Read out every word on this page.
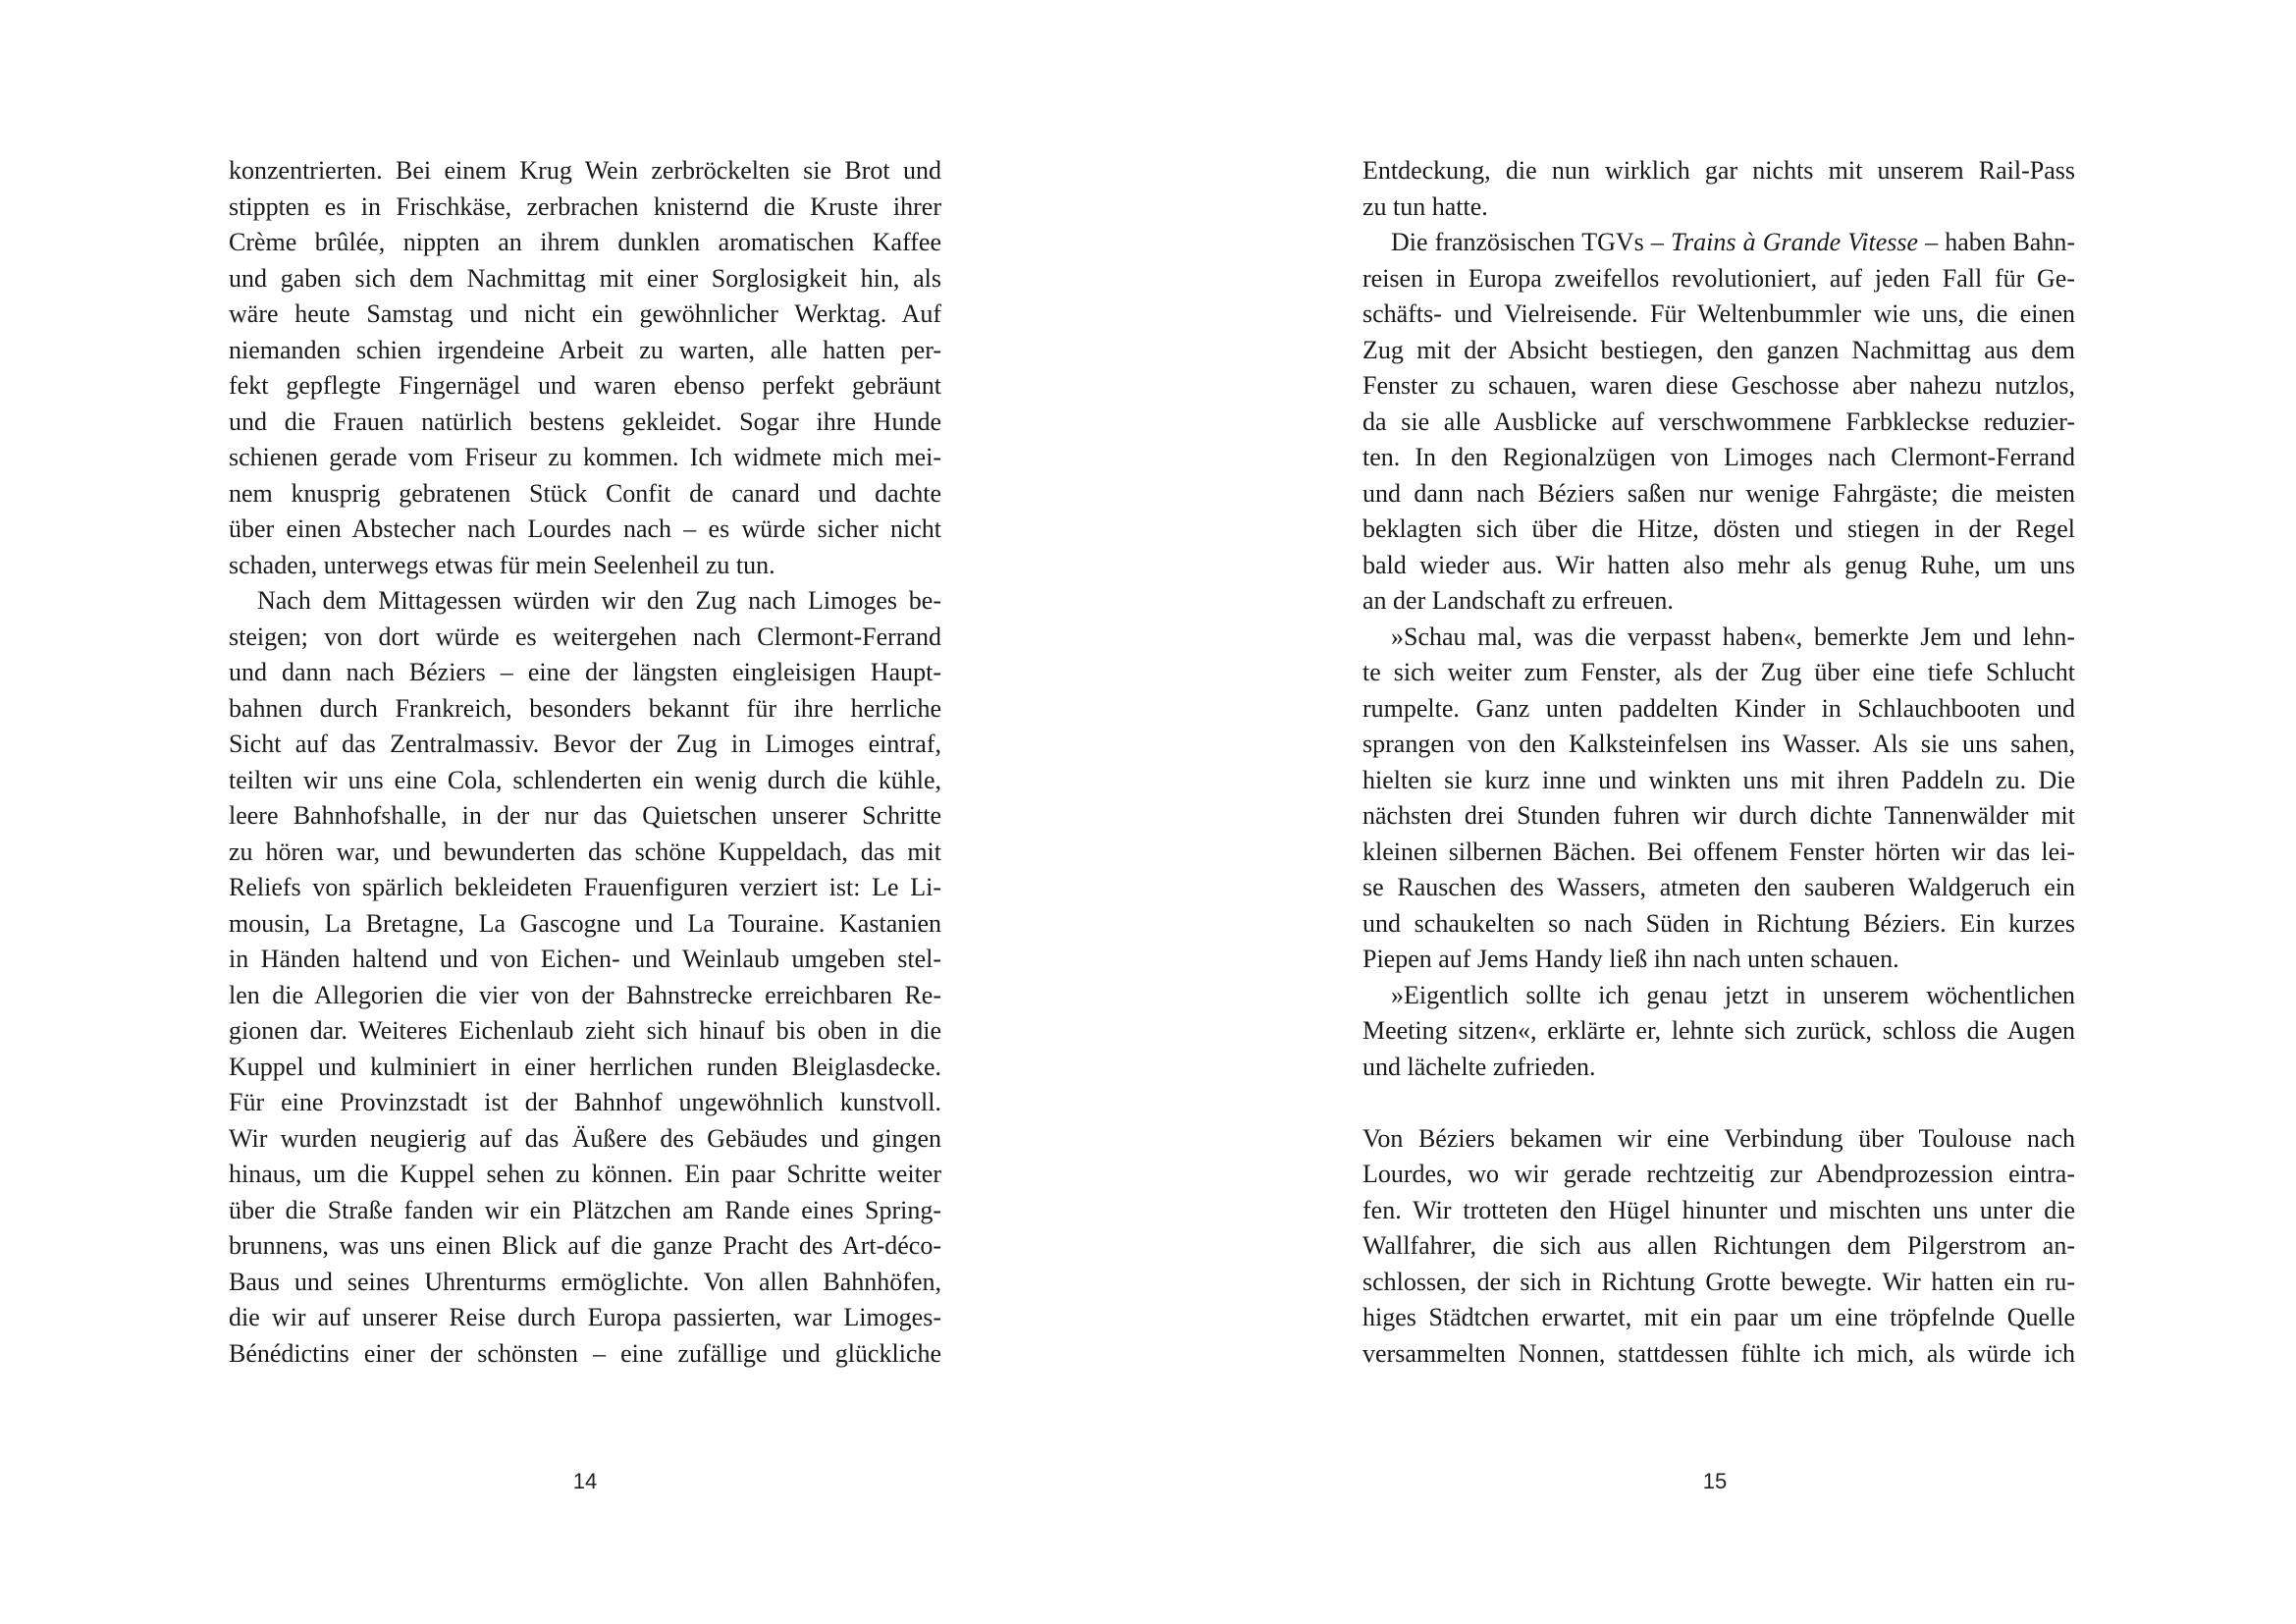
konzentrierten. Bei einem Krug Wein zerbröckelten sie Brot und
stippten es in Frischkäse, zerbrachen knisternd die Kruste ihrer
Crème brûlée, nippten an ihrem dunklen aromatischen Kaffee
und gaben sich dem Nachmittag mit einer Sorglosigkeit hin, als
wäre heute Samstag und nicht ein gewöhnlicher Werktag. Auf
niemanden schien irgendeine Arbeit zu warten, alle hatten per-
fekt gepflegte Fingernägel und waren ebenso perfekt gebräunt
und die Frauen natürlich bestens gekleidet. Sogar ihre Hunde
schienen gerade vom Friseur zu kommen. Ich widmete mich mei-
nem knusprig gebratenen Stück Confit de canard und dachte
über einen Abstecher nach Lourdes nach – es würde sicher nicht
schaden, unterwegs etwas für mein Seelenheil zu tun.
Nach dem Mittagessen würden wir den Zug nach Limoges be-
steigen; von dort würde es weitergehen nach Clermont-Ferrand
und dann nach Béziers – eine der längsten eingleisigen Haupt-
bahnen durch Frankreich, besonders bekannt für ihre herrliche
Sicht auf das Zentralmassiv. Bevor der Zug in Limoges eintraf,
teilten wir uns eine Cola, schlenderten ein wenig durch die kühle,
leere Bahnhofshalle, in der nur das Quietschen unserer Schritte
zu hören war, und bewunderten das schöne Kuppeldach, das mit
Reliefs von spärlich bekleideten Frauenfiguren verziert ist: Le Li-
mousin, La Bretagne, La Gascogne und La Touraine. Kastanien
in Händen haltend und von Eichen- und Weinlaub umgeben stel-
len die Allegorien die vier von der Bahnstrecke erreichbaren Re-
gionen dar. Weiteres Eichenlaub zieht sich hinauf bis oben in die
Kuppel und kulminiert in einer herrlichen runden Bleiglasdecke.
Für eine Provinzstadt ist der Bahnhof ungewöhnlich kunstvoll.
Wir wurden neugierig auf das Äußere des Gebäudes und gingen
hinaus, um die Kuppel sehen zu können. Ein paar Schritte weiter
über die Straße fanden wir ein Plätzchen am Rande eines Spring-
brunnens, was uns einen Blick auf die ganze Pracht des Art-déco-
Baus und seines Uhrenturms ermöglichte. Von allen Bahnhöfen,
die wir auf unserer Reise durch Europa passierten, war Limoges-
Bénédictins einer der schönsten – eine zufällige und glückliche
14
Entdeckung, die nun wirklich gar nichts mit unserem Rail-Pass
zu tun hatte.
Die französischen TGVs – Trains à Grande Vitesse – haben Bahn-
reisen in Europa zweifellos revolutioniert, auf jeden Fall für Ge-
schäfts- und Vielreisende. Für Weltenbummler wie uns, die einen
Zug mit der Absicht bestiegen, den ganzen Nachmittag aus dem
Fenster zu schauen, waren diese Geschosse aber nahezu nutzlos,
da sie alle Ausblicke auf verschwommene Farbkleckse reduzier-
ten. In den Regionalzügen von Limoges nach Clermont-Ferrand
und dann nach Béziers saßen nur wenige Fahrgäste; die meisten
beklagten sich über die Hitze, dösten und stiegen in der Regel
bald wieder aus. Wir hatten also mehr als genug Ruhe, um uns
an der Landschaft zu erfreuen.
»Schau mal, was die verpasst haben«, bemerkte Jem und lehn-
te sich weiter zum Fenster, als der Zug über eine tiefe Schlucht
rumpelte. Ganz unten paddelten Kinder in Schlauchbooten und
sprangen von den Kalksteinfelsen ins Wasser. Als sie uns sahen,
hielten sie kurz inne und winkten uns mit ihren Paddeln zu. Die
nächsten drei Stunden fuhren wir durch dichte Tannenwälder mit
kleinen silbernen Bächen. Bei offenem Fenster hörten wir das lei-
se Rauschen des Wassers, atmeten den sauberen Waldgeruch ein
und schaukelten so nach Süden in Richtung Béziers. Ein kurzes
Piepen auf Jems Handy ließ ihn nach unten schauen.
»Eigentlich sollte ich genau jetzt in unserem wöchentlichen
Meeting sitzen«, erklärte er, lehnte sich zurück, schloss die Augen
und lächelte zufrieden.
Von Béziers bekamen wir eine Verbindung über Toulouse nach
Lourdes, wo wir gerade rechtzeitig zur Abendprozession eintra-
fen. Wir trotteten den Hügel hinunter und mischten uns unter die
Wallfahrer, die sich aus allen Richtungen dem Pilgerstrom an-
schlossen, der sich in Richtung Grotte bewegte. Wir hatten ein ru-
higes Städtchen erwartet, mit ein paar um eine tröpfelnde Quelle
versammelten Nonnen, stattdessen fühlte ich mich, als würde ich
15
